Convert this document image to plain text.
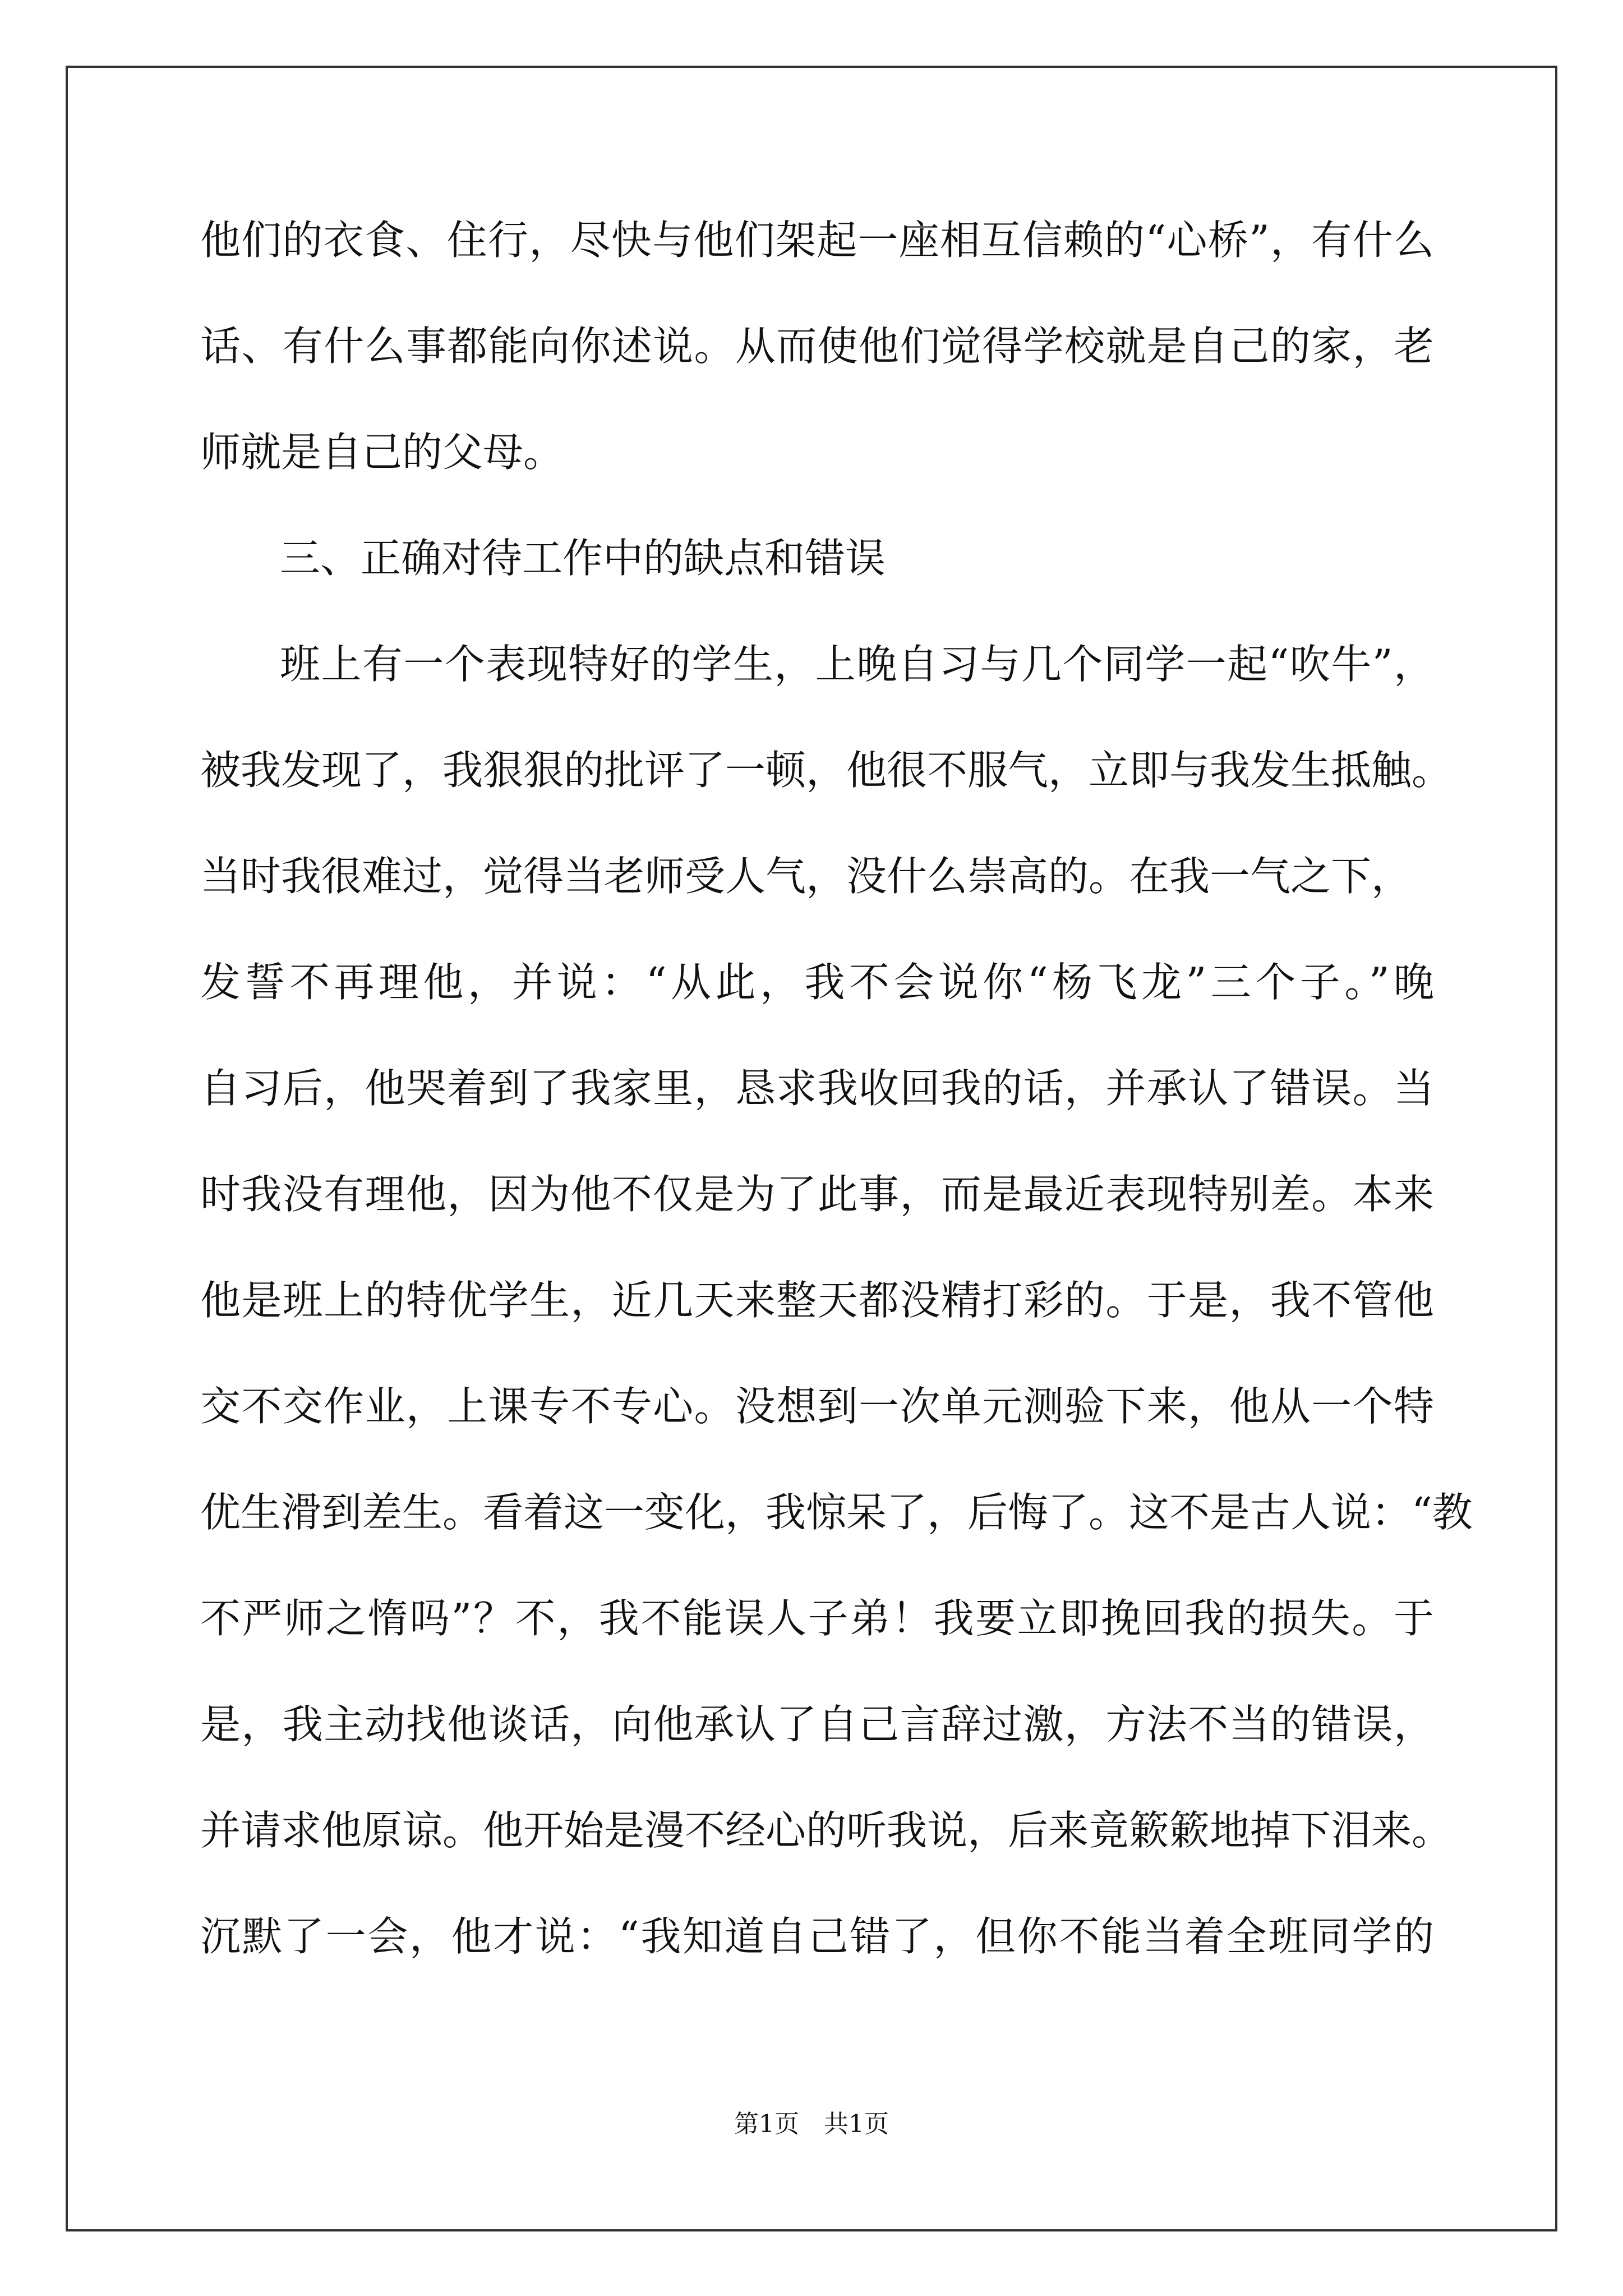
他们的衣食、住行，尽快与他们架起一座相互信赖的“心桥”，有什么
话、有什么事都能向你述说。从而使他们觉得学校就是自己的家，老
师就是自己的父母。
三、正确对待工作中的缺点和错误
班上有一个表现特好的学生，上晚自习与几个同学一起“吹牛”，
被我发现了，我狠狠的批评了一顿，他很不服气，立即与我发生抵触。
当时我很难过，觉得当老师受人气，没什么崇高的。在我一气之下，
发誓不再理他，并说：“从此，我不会说你“杨飞龙”三个子。”晚
自习后，他哭着到了我家里，恳求我收回我的话，并承认了错误。当
时我没有理他，因为他不仅是为了此事，而是最近表现特别差。本来
他是班上的特优学生，近几天来整天都没精打彩的。于是，我不管他
交不交作业，上课专不专心。没想到一次单元测验下来，他从一个特
优生滑到差生。看着这一变化，我惊呆了，后悔了。这不是古人说：“教
不严师之惰吗”？不，我不能误人子弟！我要立即挽回我的损失。于
是，我主动找他谈话，向他承认了自己言辞过激，方法不当的错误，
并请求他原谅。他开始是漫不经心的听我说，后来竟簌簌地掉下泪来。
沉默了一会，他才说：“我知道自己错了，但你不能当着全班同学的
第1页　共1页
